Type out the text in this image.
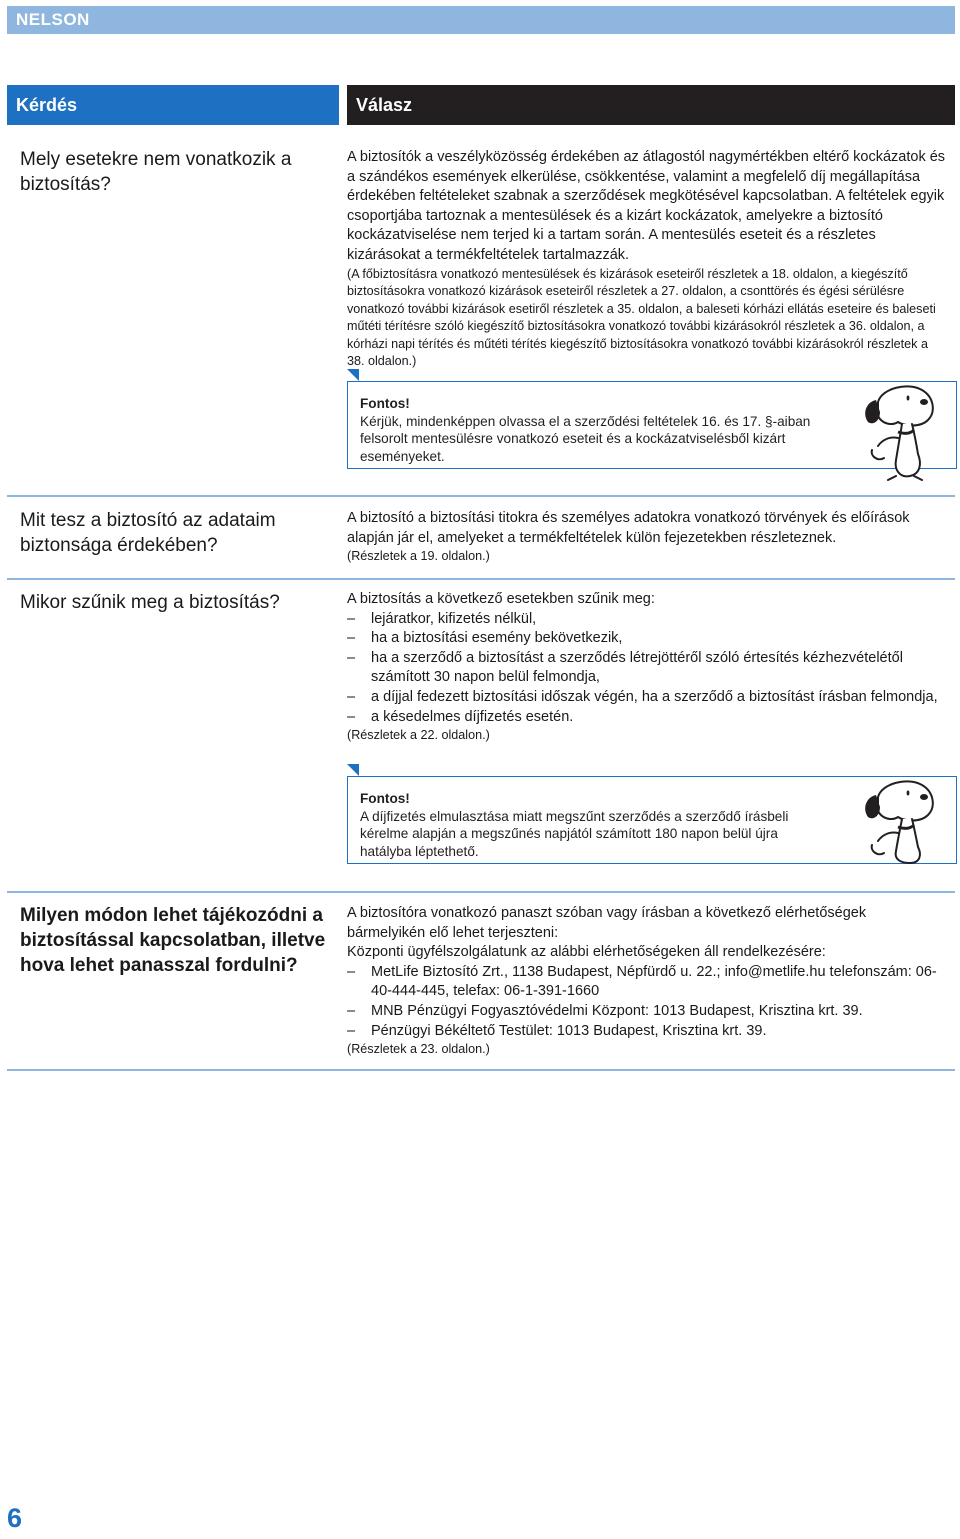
NELSON
Kérdés	Válasz
Mely esetekre nem vonatkozik a biztosítás?

A biztosítók a veszélyközösség érdekében az átlagostól nagymértékben eltérő kockázatok és a szándékos események elkerülése, csökkentése, valamint a megfelelő díj megállapítása érdekében feltételeket szabnak a szerződések megkötésével kapcsolatban. A feltételek egyik csoportjába tartoznak a mentesülések és a kizárt kockázatok, amelyekre a biztosító kockázatviselése nem terjed ki a tartam során. A mentesülés eseteit és a részletes kizárásokat a termékfeltételek tartalmazzák.

(A főbiztosításra vonatkozó mentesülések és kizárások eseteiről részletek a 18. oldalon, a kiegészítő biztosításokra vonatkozó kizárások eseteiről részletek a 27. oldalon, a csonttörés és égési sérülésre vonatkozó további kizárások esetiről részletek a 35. oldalon, a baleseti kórházi ellátás eseteire és baleseti műtéti térítésre szóló kiegészítő biztosításokra vonatkozó további kizárásokról részletek a 36. oldalon, a kórházi napi térítés és műtéti térítés kiegészítő biztosításokra vonatkozó további kizárásokról részletek a 38. oldalon.)

Fontos!
Kérjük, mindenképpen olvassa el a szerződési feltételek 16. és 17. §-aiban felsorolt mentesülésre vonatkozó eseteit és a kockázatviselésből kizárt eseményeket.
Mit tesz a biztosító az adataim biztonsága érdekében?

A biztosító a biztosítási titokra és személyes adatokra vonatkozó törvények és előírások alapján jár el, amelyeket a termékfeltételek külön fejezetekben részleteznek.

(Részletek a 19. oldalon.)

Mikor szűnik meg a biztosítás?	A biztosítás a következő esetekben szűnik meg:

– lejáratkor, kifizetés nélkül,
– ha a biztosítási esemény bekövetkezik,
– ha a szerződő a biztosítást a szerződés létrejöttéről szóló értesítés kézhezvételétől számított 30 napon belül felmondja,
– a díjjal fedezett biztosítási időszak végén, ha a szerződő a biztosítást írásban felmondja,
– a késedelmes díjfizetés esetén.

(Részletek a 22. oldalon.)

Fontos!
A díjfizetés elmulasztása miatt megszűnt szerződés a szerződő írásbeli kérelme alapján a megszűnés napjától számított 180 napon belül újra hatályba léptethető.
Milyen módon lehet tájékozódni a biztosítással kapcsolatban, illetve hova lehet panasszal fordulni?

A biztosítóra vonatkozó panaszt szóban vagy írásban a következő elérhetőségek bármelyikén elő lehet terjeszteni:

Központi ügyfélszolgálatunk az alábbi elérhetőségeken áll rendelkezésére:

– MetLife Biztosító Zrt., 1138 Budapest, Népfürdő u. 22.; info@metlife.hu telefonszám: 06-40-444-445, telefax: 06-1-391-1660
– MNB Pénzügyi Fogyasztóvédelmi Központ: 1013 Budapest, Krisztina krt. 39.
– Pénzügyi Békéltető Testület: 1013 Budapest, Krisztina krt. 39.

(Részletek a 23. oldalon.)

6
